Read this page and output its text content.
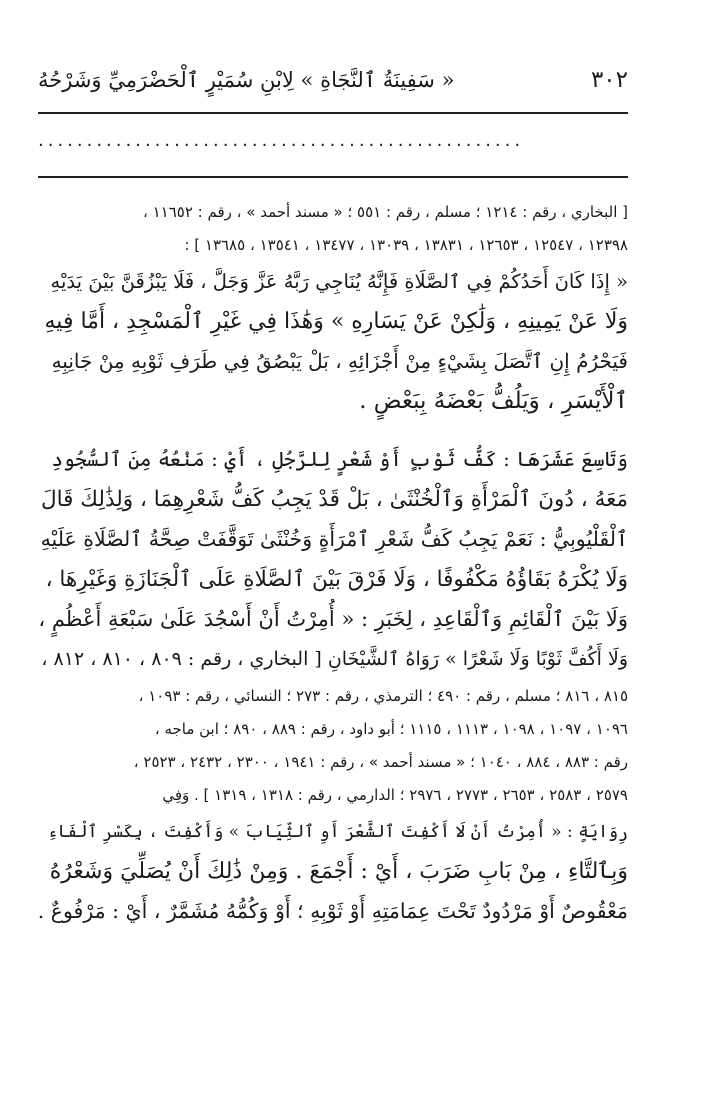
٣٠٢
« سَفِينَةُ ٱلنَّجَاةِ » لِابْنِ سُمَيْرٍ ٱلْحَضْرَمِيِّ وَشَرْحُهُ
..................................................
[ البخاري ، رقم : ١٢١٤ ؛ مسلم ، رقم : ٥٥١ ؛ « مسند أحمد » ، رقم : ١١٦٥٢ ،
١٢٣٩٨ ، ١٢٥٤٧ ، ١٢٦٥٣ ، ١٣٨٣١ ، ١٣٠٣٩ ، ١٣٤٧٧ ، ١٣٥٤١ ، ١٣٦٨٥ ] :
« إِذَا كَانَ أَحَدُكُمْ فِي ٱلصَّلَاةِ فَإِنَّهُ يُنَاجِي رَبَّهُ عَزَّ وَجَلَّ ، فَلَا يَبْزُقَنَّ بَيْنَ يَدَيْهِ
وَلَا عَنْ يَمِينِهِ ، وَلَٰكِنْ عَنْ يَسَارِهِ » وَهَٰذَا فِي غَيْرِ ٱلْمَسْجِدِ ، أَمَّا فِيهِ
فَيَحْرُمُ إِنِ ٱتَّصَلَ بِشَيْءٍ مِنْ أَجْزَائِهِ ، بَلْ يَبْصُقُ فِي طَرَفِ ثَوْبِهِ مِنْ جَانِبِهِ
ٱلْأَيْسَرِ ، وَيَلُفُّ بَعْضَهُ بِبَعْضٍ .
وَتَاسِعَ عَشَرَهَا : كَفُّ ثَوْبٍ أَوْ شَعْرٍ لِلرَّجُلِ ، أَيْ : مَنْعُهُ مِنَ ٱلسُّجُودِ
مَعَهُ ، دُونَ ٱلْمَرْأَةِ وَٱلْخُنْثَىٰ ، بَلْ قَدْ يَجِبُ كَفُّ شَعْرِهِمَا ، وَلِذَٰلِكَ قَالَ
ٱلْقَلْيُوبِيُّ : نَعَمْ يَجِبُ كَفُّ شَعْرِ ٱمْرَأَةٍ وَخُنْثَىٰ تَوَقَّفَتْ صِحَّةُ ٱلصَّلَاةِ عَلَيْهِ
وَلَا يُكْرَهُ بَقَاؤُهُ مَكْفُوفًا ، وَلَا فَرْقَ بَيْنَ ٱلصَّلَاةِ عَلَى ٱلْجَنَازَةِ وَغَيْرِهَا ،
وَلَا بَيْنَ ٱلْقَائِمِ وَٱلْقَاعِدِ ، لِخَبَرِ : « أُمِرْتُ أَنْ أَسْجُدَ عَلَىٰ سَبْعَةِ أَعْظُمٍ ،
وَلَا أَكُفَّ ثَوْبًا وَلَا شَعْرًا » رَوَاهُ ٱلشَّيْخَانِ [ البخاري ، رقم : ٨٠٩ ، ٨١٠ ، ٨١٢ ،
٨١٥ ، ٨١٦ ؛ مسلم ، رقم : ٤٩٠ ؛ الترمذي ، رقم : ٢٧٣ ؛ النسائي ، رقم : ١٠٩٣ ،
١٠٩٦ ، ١٠٩٧ ، ١٠٩٨ ، ١١١٣ ، ١١١٥ ؛ أبو داود ، رقم : ٨٨٩ ، ٨٩٠ ؛ ابن ماجه ،
رقم : ٨٨٣ ، ٨٨٤ ، ١٠٤٠ ؛ « مسند أحمد » ، رقم : ١٩٤١ ، ٢٣٠٠ ، ٢٤٣٢ ، ٢٥٢٣ ،
٢٥٧٩ ، ٢٥٨٣ ، ٢٦٥٣ ، ٢٧٧٣ ، ٢٩٧٦ ؛ الدارمي ، رقم : ١٣١٨ ، ١٣١٩ ] . وَفِي
رِوَايَةٍ : « أُمِرْتُ أَنْ لَا أَكْفِتَ ٱلشَّعْرَ أَوِ ٱلثِّيَابَ » وَأَكْفِتَ ، بِكَسْرِ ٱلْفَاءِ
وَبِٱلتَّاءِ ، مِنْ بَابِ ضَرَبَ ، أَيْ : أَجْمَعَ . وَمِنْ ذَٰلِكَ أَنْ يُصَلِّيَ وَشَعْرُهُ
مَعْقُوصٌ أَوْ مَرْدُودٌ تَحْتَ عِمَامَتِهِ أَوْ ثَوْبِهِ ؛ أَوْ وَكُمُّهُ مُشَمَّرٌ ، أَيْ : مَرْفُوعٌ .
